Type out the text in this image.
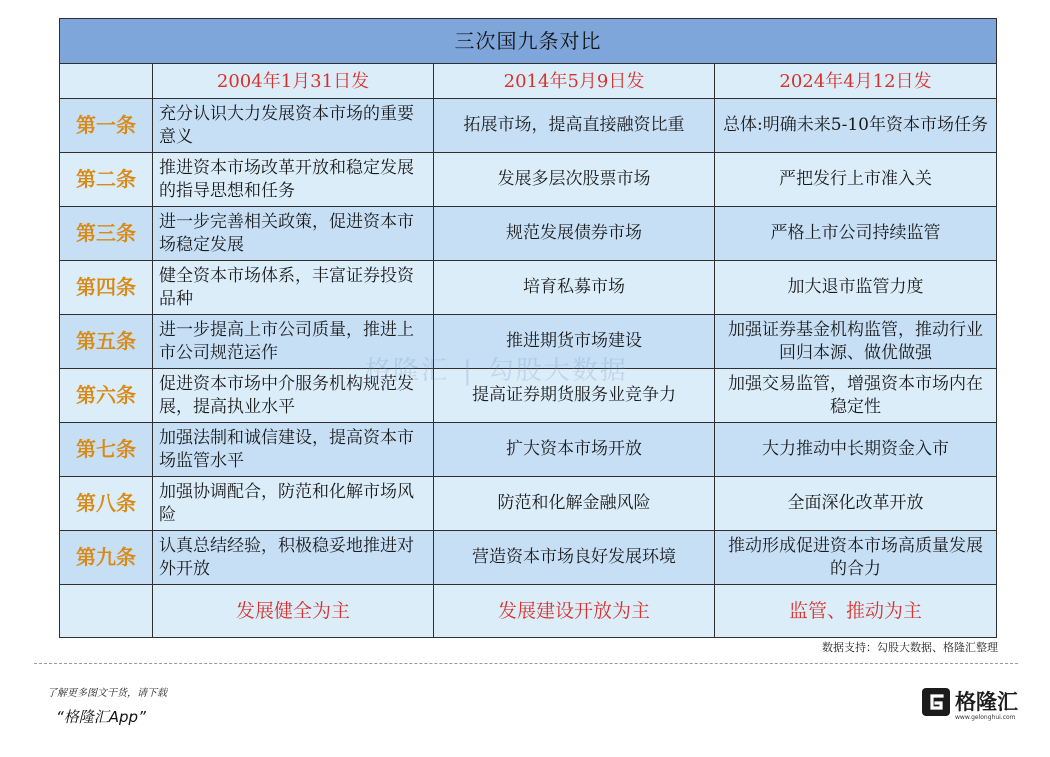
三次国九条对比			
	2004年1月31日发	2014年5月9日发	2024年4月12日发
第一条	充分认识大力发展资本市场的重要意义	拓展市场，提高直接融资比重	总体:明确未来5-10年资本市场任务
第二条	推进资本市场改革开放和稳定发展的指导思想和任务	发展多层次股票市场	严把发行上市准入关
第三条	进一步完善相关政策，促进资本市场稳定发展	规范发展债券市场	严格上市公司持续监管
第四条	健全资本市场体系，丰富证券投资品种	培育私募市场	加大退市监管力度
第五条	进一步提高上市公司质量，推进上市公司规范运作	推进期货市场建设	加强证券基金机构监管，推动行业回归本源、做优做强
第六条	促进资本市场中介服务机构规范发展，提高执业水平	提高证券期货服务业竞争力	加强交易监管，增强资本市场内在稳定性
第七条	加强法制和诚信建设，提高资本市场监管水平	扩大资本市场开放	大力推动中长期资金入市
第八条	加强协调配合，防范和化解市场风险	防范和化解金融风险	全面深化改革开放
第九条	认真总结经验，积极稳妥地推进对外开放	营造资本市场良好发展环境	推动形成促进资本市场高质量发展的合力
	发展健全为主	发展建设开放为主	监管、推动为主
格隆汇 | 勾股大数据
数据支持：勾股大数据、格隆汇整理
了解更多图文干货，请下载
“格隆汇App”
格隆汇
www.gelonghui.com
